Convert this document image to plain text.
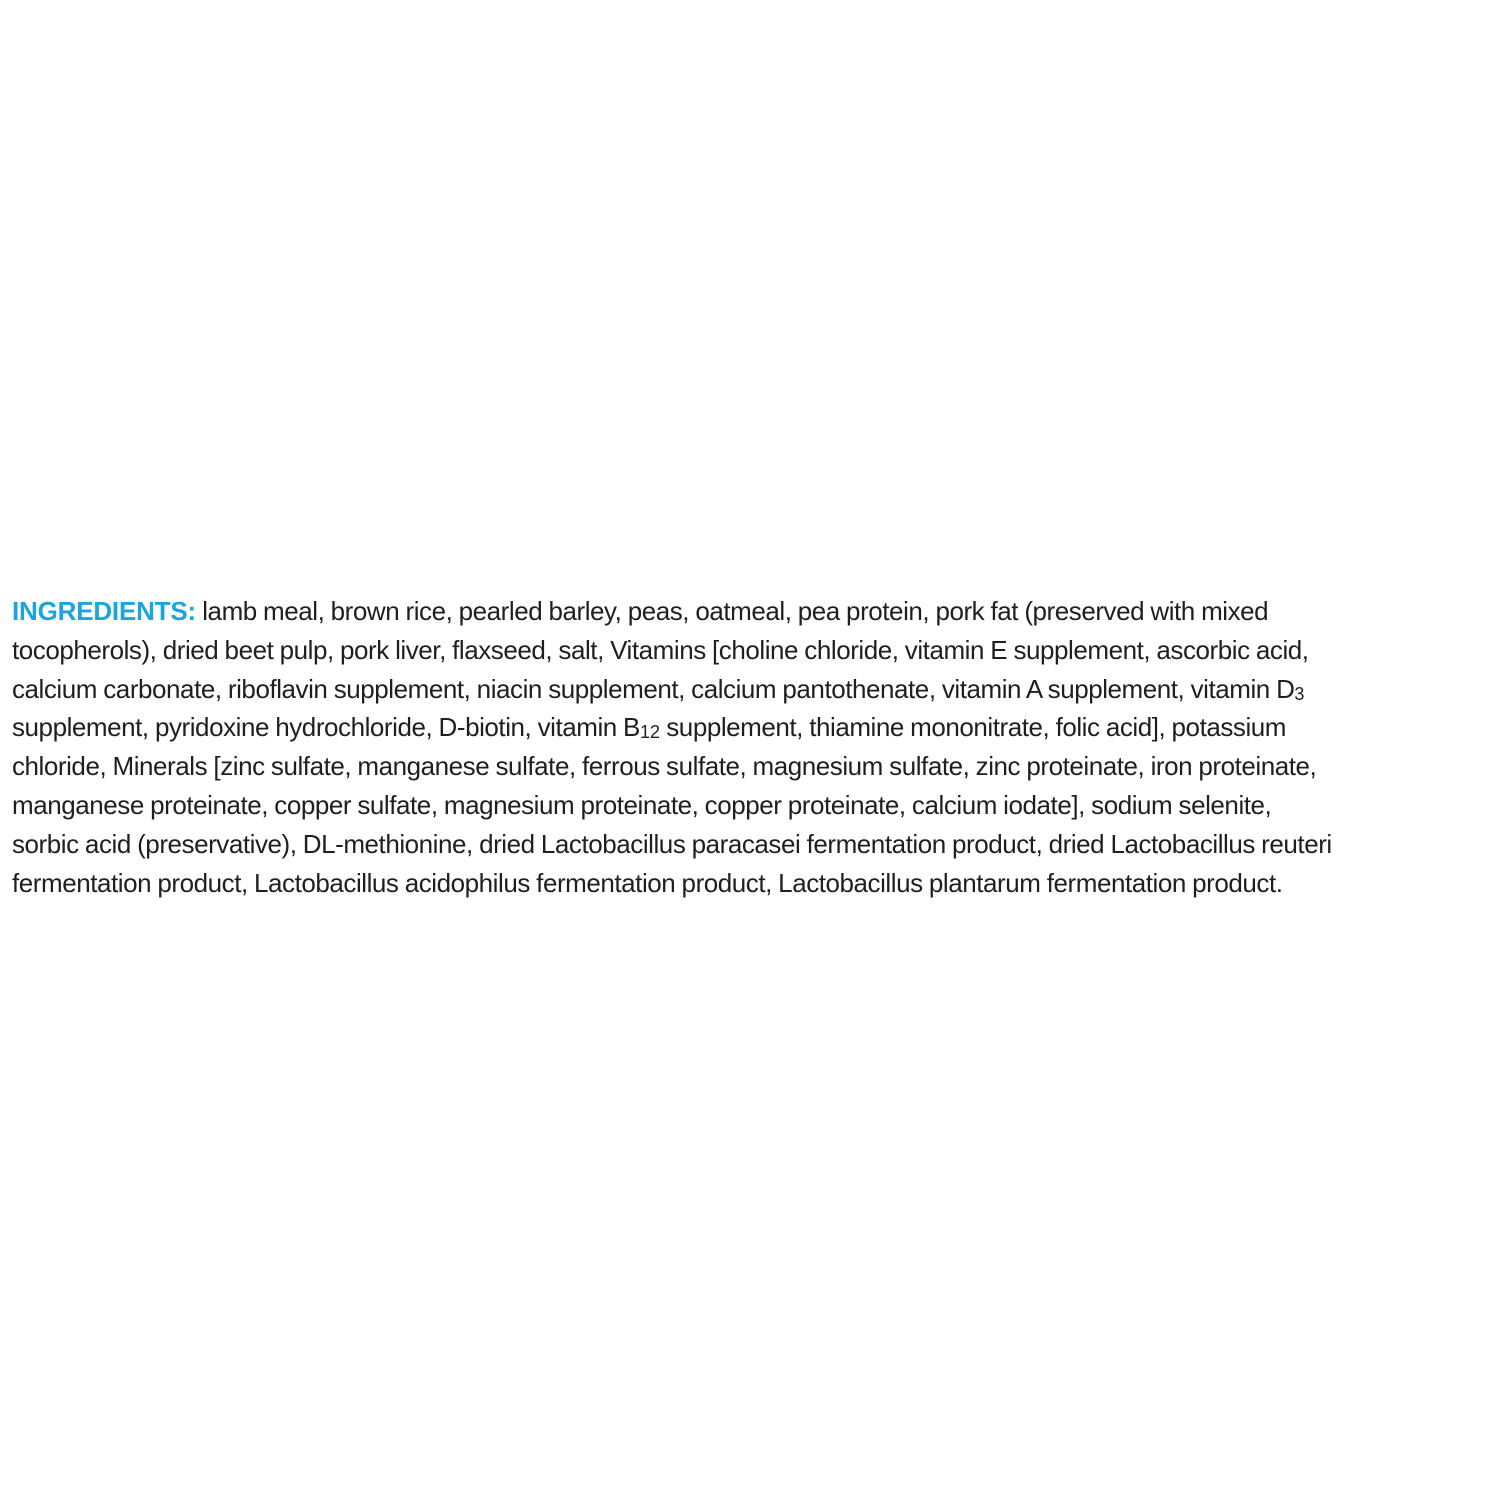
INGREDIENTS: lamb meal, brown rice, pearled barley, peas, oatmeal, pea protein, pork fat (preserved with mixed
tocopherols), dried beet pulp, pork liver, flaxseed, salt, Vitamins [choline chloride, vitamin E supplement, ascorbic acid,
calcium carbonate, riboflavin supplement, niacin supplement, calcium pantothenate, vitamin A supplement, vitamin $D_3$
supplement, pyridoxine hydrochloride, D-biotin, vitamin $B_{12}$ supplement, thiamine mononitrate, folic acid], potassium
chloride, Minerals [zinc sulfate, manganese sulfate, ferrous sulfate, magnesium sulfate, zinc proteinate, iron proteinate,
manganese proteinate, copper sulfate, magnesium proteinate, copper proteinate, calcium iodate], sodium selenite,
sorbic acid (preservative), DL-methionine, dried Lactobacillus paracasei fermentation product, dried Lactobacillus reuteri
fermentation product, Lactobacillus acidophilus fermentation product, Lactobacillus plantarum fermentation product.
